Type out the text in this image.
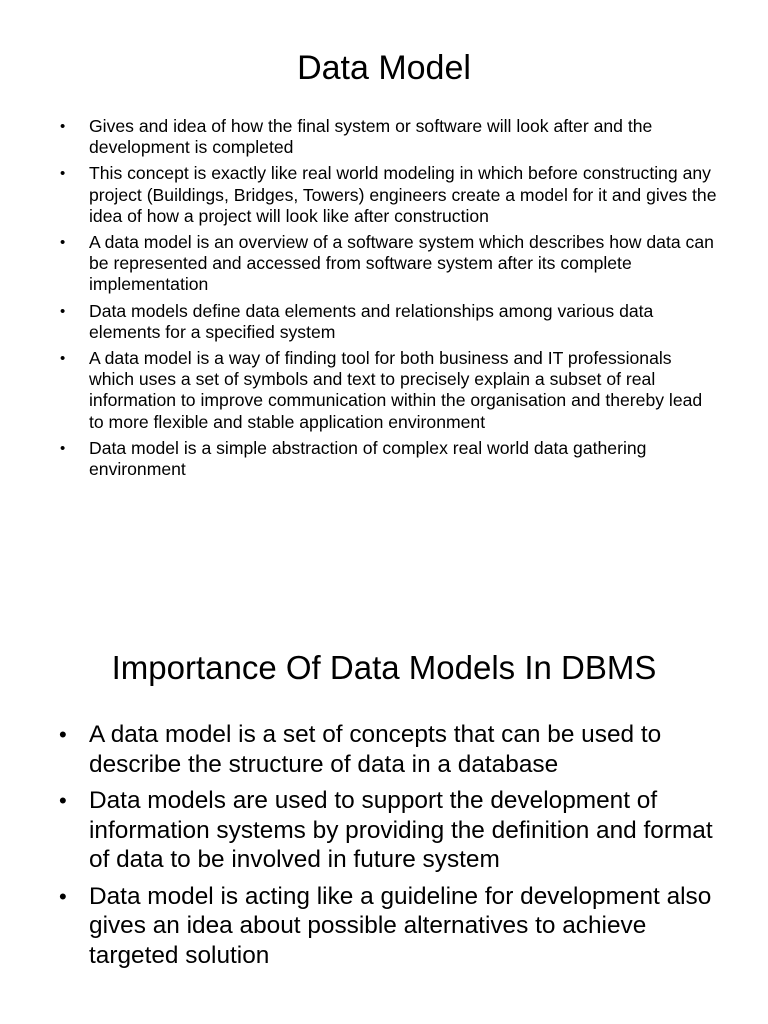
Data Model
• Gives and idea of how the final system or software will look after and the development is completed
• This concept is exactly like real world modeling in which before constructing any project (Buildings, Bridges, Towers) engineers create a model for it and gives the idea of how a project will look like after construction
• A data model is an overview of a software system which describes how data can be represented and accessed from software system after its complete implementation
• Data models define data elements and relationships among various data elements for a specified system
• A data model is a way of finding tool for both business and IT professionals which uses a set of symbols and text to precisely explain a subset of real information to improve communication within the organisation and thereby lead to more flexible and stable application environment
• Data model is a simple abstraction of complex real world data gathering environment
Importance Of Data Models In DBMS
• A data model is a set of concepts that can be used to describe the structure of data in a database
• Data models are used to support the development of information systems by providing the definition and format of data to be involved in future system
• Data model is acting like a guideline for development also gives an idea about possible alternatives to achieve targeted solution
